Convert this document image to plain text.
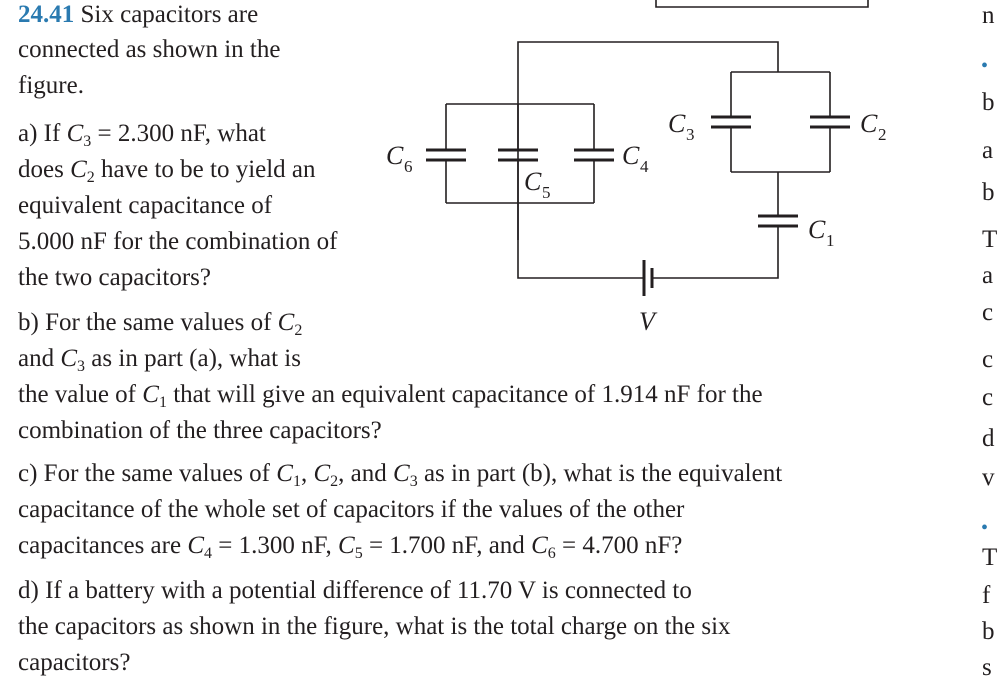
24.41 Six capacitors are
connected as shown in the
figure.
a) If $C_3 = 2.300$ nF, what
does $C_2$ have to be to yield an
equivalent capacitance of
5.000 nF for the combination of
the two capacitors?
b) For the same values of $C_2$
and $C_3$ as in part (a), what is
the value of $C_1$ that will give an equivalent capacitance of 1.914 nF for the
combination of the three capacitors?
c) For the same values of $C_1$, $C_2$, and $C_3$ as in part (b), what is the equivalent
capacitance of the whole set of capacitors if the values of the other
capacitances are $C_4 = 1.300$ nF, $C_5 = 1.700$ nF, and $C_6 = 4.700$ nF?
d) If a battery with a potential difference of 11.70 V is connected to
the capacitors as shown in the figure, what is the total charge on the six
capacitors?
n
•
b
a
b
T
a
c
c
c
d
v
•
T
f
b
s
C 6
C 5
C 4
C 3	C 2
C 1
V
